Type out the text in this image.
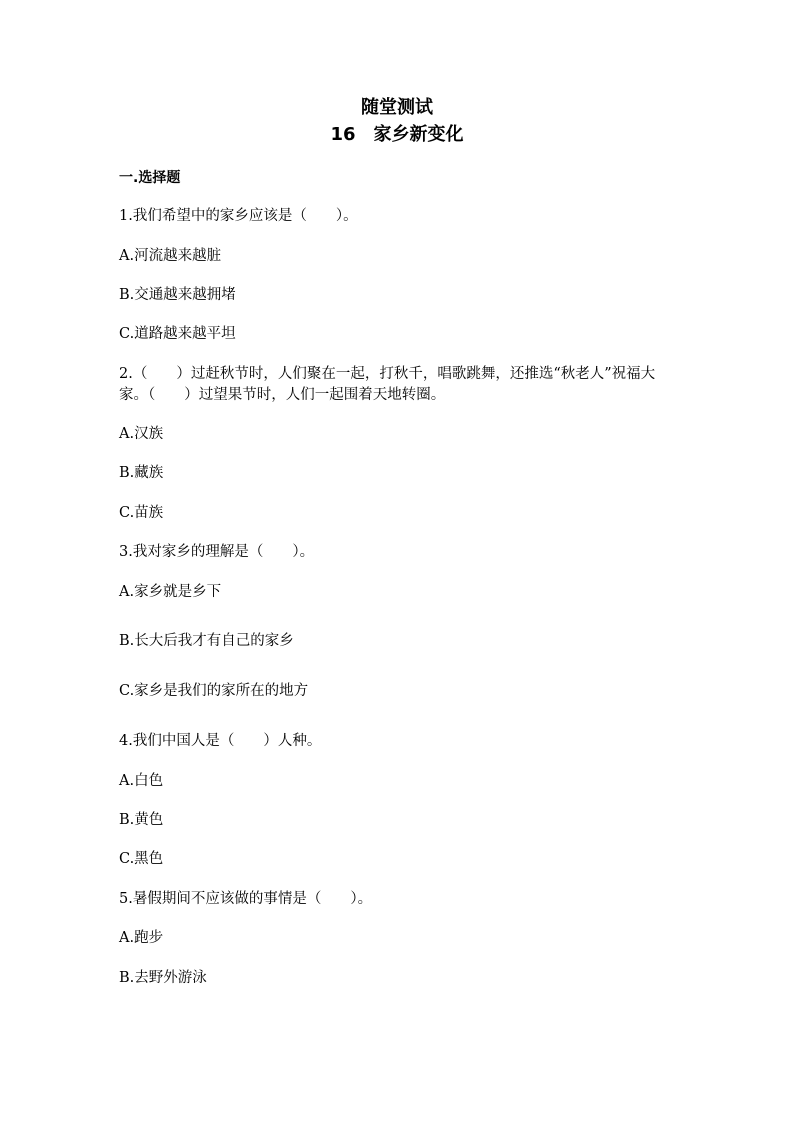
随堂测试
16　家乡新变化
一.选择题

1.我们希望中的家乡应该是（　　）。

A.河流越来越脏

B.交通越来越拥堵

C.道路越来越平坦

2.（　　）过赶秋节时，人们聚在一起，打秋千，唱歌跳舞，还推选“秋老人”祝福大家。（　　）过望果节时，人们一起围着天地转圈。

A.汉族

B.藏族

C.苗族

3.我对家乡的理解是（　　）。

A.家乡就是乡下

B.长大后我才有自己的家乡

C.家乡是我们的家所在的地方

4.我们中国人是（　　）人种。

A.白色

B.黄色

C.黑色

5.暑假期间不应该做的事情是（　　）。

A.跑步

B.去野外游泳
